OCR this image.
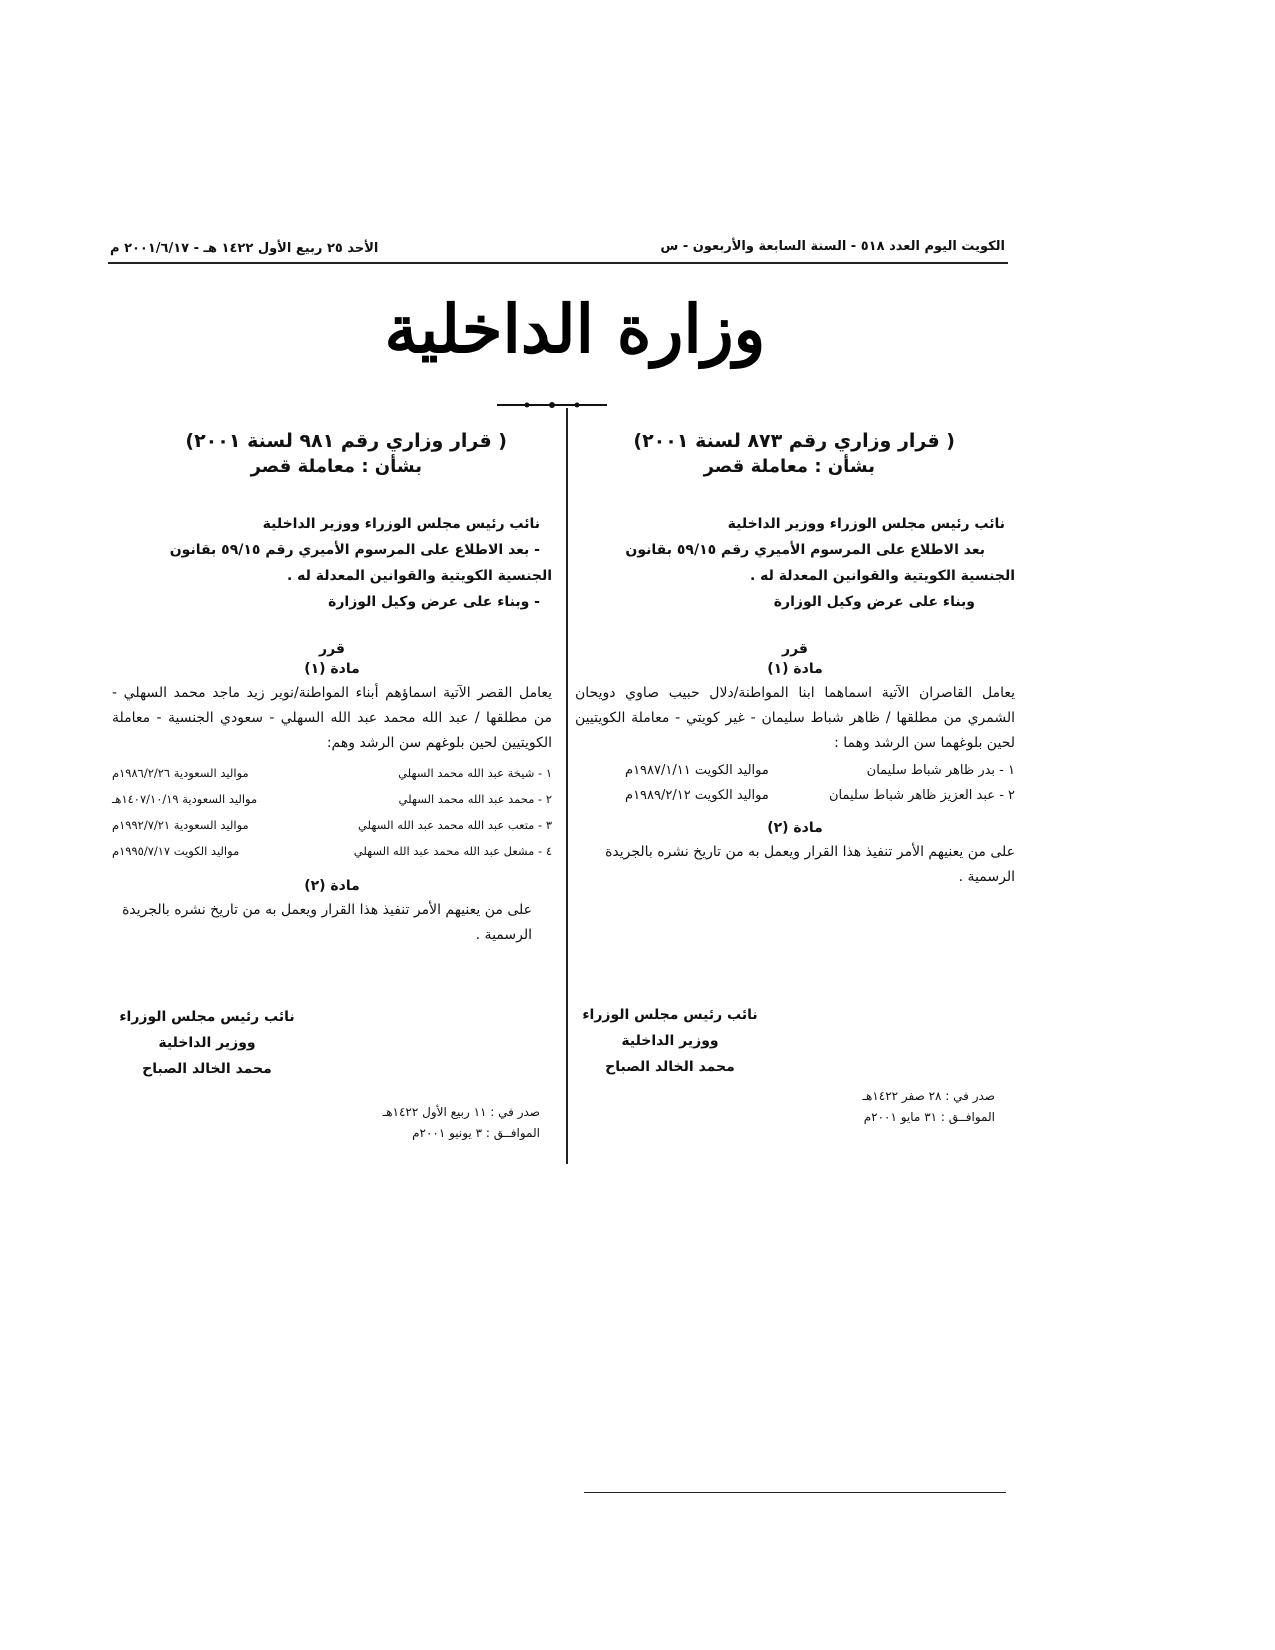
الكويت اليوم العدد ٥١٨ - السنة السابعة والأربعون - س
الأحد ٢٥ ربيع الأول ١٤٢٢ هـ - ٢٠٠١/٦/١٧ م
وزارة الداخلية
( قرار وزاري رقم ٨٧٣ لسنة ٢٠٠١)
بشأن : معاملة قصر
نائب رئيس مجلس الوزراء ووزير الداخلية
بعد الاطلاع على المرسوم الأميري رقم ٥٩/١٥ بقانون
الجنسية الكويتية والقوانين المعدلة له .
وبناء على عرض وكيل الوزارة
قرر
مادة (١)
يعامل القاصران الآتية اسماهما ابنا المواطنة/دلال حبيب صاوي دويحان الشمري من مطلقها / ظاهر شباط سليمان - غير كويتي - معاملة الكويتيين لحين بلوغهما سن الرشد وهما :
١ - بدر ظاهر شباط سليمان
مواليد الكويت ١٩٨٧/١/١١م
٢ - عبد العزيز ظاهر شباط سليمان
مواليد الكويت ١٩٨٩/٢/١٢م
مادة (٢)
على من يعنيهم الأمر تنفيذ هذا القرار ويعمل به من تاريخ نشره بالجريدة الرسمية .
نائب رئيس مجلس الوزراء
ووزير الداخلية
محمد الخالد الصباح
صدر في : ٢٨ صفر ١٤٢٢هـ
الموافــق : ٣١ مايو ٢٠٠١م
( قرار وزاري رقم ٩٨١ لسنة ٢٠٠١)
بشأن : معاملة قصر
نائب رئيس مجلس الوزراء ووزير الداخلية
- بعد الاطلاع على المرسوم الأميري رقم ٥٩/١٥ بقانون
الجنسية الكويتية والقوانين المعدلة له .
- وبناء على عرض وكيل الوزارة
قرر
مادة (١)
يعامل القصر الآتية اسماؤهم أبناء المواطنة/نوير زيد ماجد محمد السهلي - من مطلقها / عبد الله محمد عبد الله السهلي - سعودي الجنسية - معاملة الكويتيين لحين بلوغهم سن الرشد وهم:
١ - شيخة عبد الله محمد السهلي
مواليد السعودية ١٩٨٦/٢/٢٦م
٢ - محمد عبد الله محمد السهلي
مواليد السعودية ١٤٠٧/١٠/١٩هـ
٣ - متعب عبد الله محمد عبد الله السهلي
مواليد السعودية ١٩٩٢/٧/٢١م
٤ - مشعل عبد الله محمد عبد الله السهلي
مواليد الكويت ١٩٩٥/٧/١٧م
مادة (٢)
على من يعنيهم الأمر تنفيذ هذا القرار ويعمل به من تاريخ نشره بالجريدة الرسمية .
نائب رئيس مجلس الوزراء
ووزير الداخلية
محمد الخالد الصباح
صدر في : ١١ ربيع الأول ١٤٢٢هـ
الموافــق : ٣ يونيو ٢٠٠١م
